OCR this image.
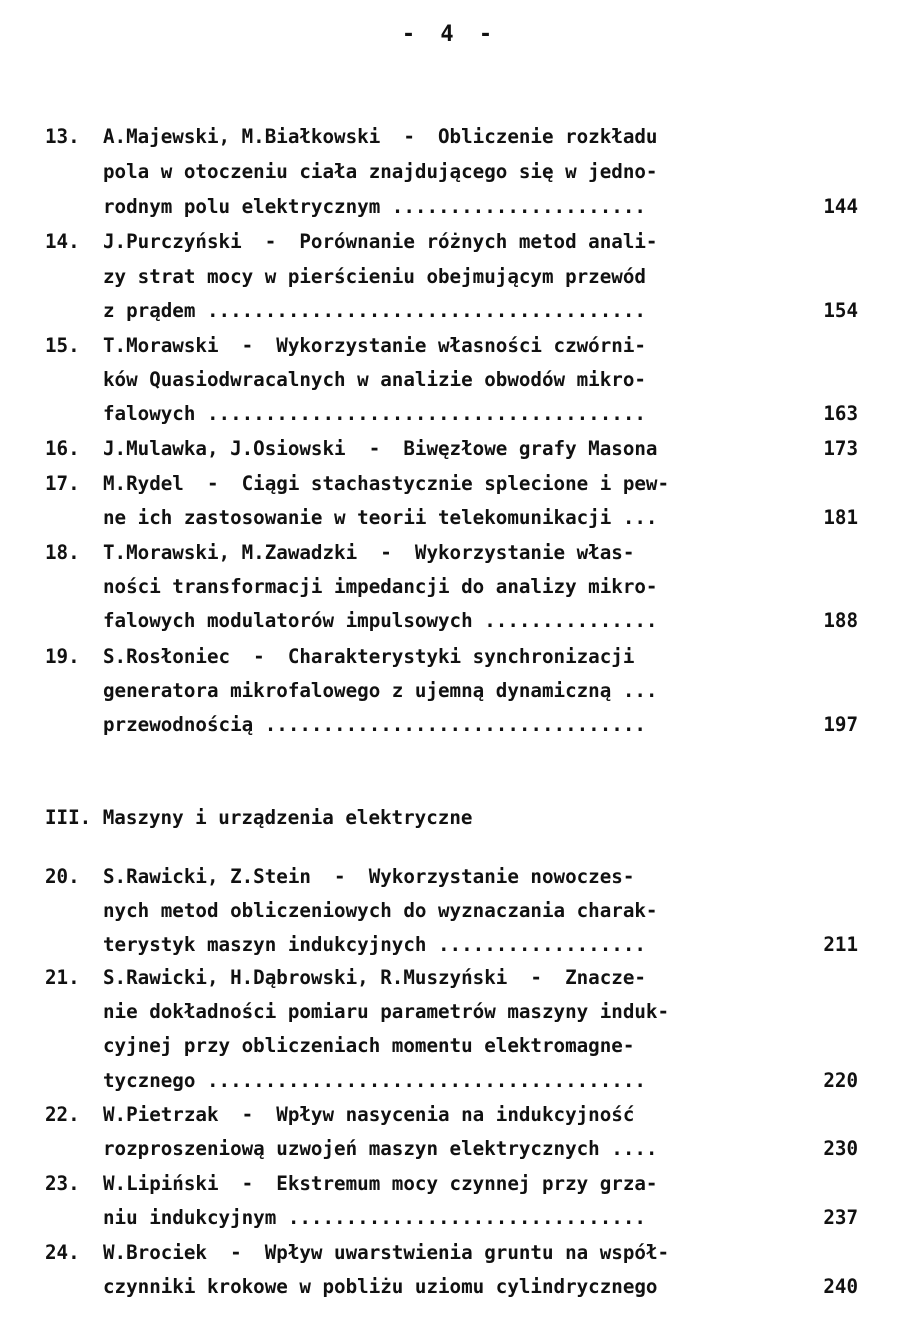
- 4 -
13. A.Majewski, M.Białkowski  -  Obliczenie rozkładu
pola w otoczeniu ciała znajdującego się w jedno-
rodnym polu elektrycznym ......................	144
14. J.Purczyński  -  Porównanie różnych metod anali-
zy strat mocy w pierścieniu obejmującym przewód
z prądem ......................................	154
15. T.Morawski  -  Wykorzystanie własności czwórni-
ków Quasiodwracalnych w analizie obwodów mikro-
falowych ......................................	163
16. J.Mulawka, J.Osiowski  -  Biwęzłowe grafy Masona	173
17. M.Rydel  -  Ciągi stachastycznie splecione i pew-
ne ich zastosowanie w teorii telekomunikacji ...	181
18. T.Morawski, M.Zawadzki  -  Wykorzystanie włas-
ności transformacji impedancji do analizy mikro-
falowych modulatorów impulsowych ...............	188
19. S.Rosłoniec  -  Charakterystyki synchronizacji
generatora mikrofalowego z ujemną dynamiczną ...
przewodnością .................................	197
III. Maszyny i urządzenia elektryczne
20. S.Rawicki, Z.Stein  -  Wykorzystanie nowoczes-
nych metod obliczeniowych do wyznaczania charak-
terystyk maszyn indukcyjnych ..................	211
21. S.Rawicki, H.Dąbrowski, R.Muszyński  -  Znacze-
nie dokładności pomiaru parametrów maszyny induk-
cyjnej przy obliczeniach momentu elektromagne-
tycznego ......................................	220
22. W.Pietrzak  -  Wpływ nasycenia na indukcyjność
rozproszeniową uzwojeń maszyn elektrycznych ....	230
23. W.Lipiński  -  Ekstremum mocy czynnej przy grza-
niu indukcyjnym ...............................	237
24. W.Brociek  -  Wpływ uwarstwienia gruntu na współ-
czynniki krokowe w pobliżu uziomu cylindrycznego	240
